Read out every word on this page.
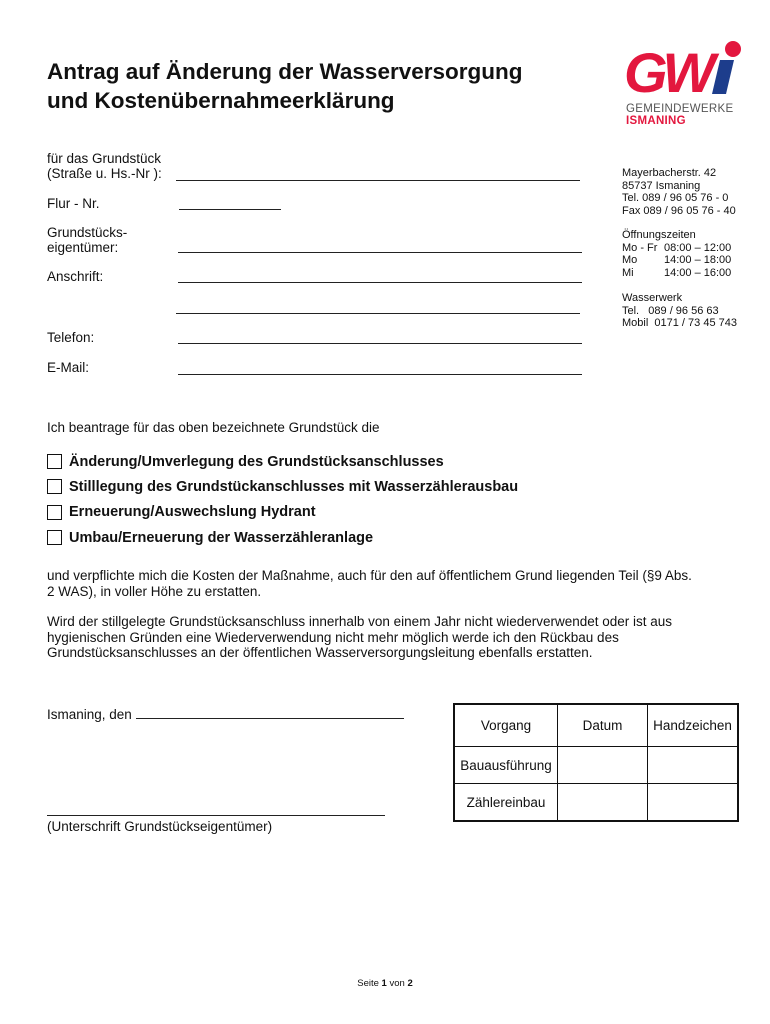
Antrag auf Änderung der Wasserversorgung
und Kostenübernahmeerklärung	GW
GEMEINDEWERKE
ISMANING
für das Grundstück
(Straße u. Hs.-Nr ):
Flur - Nr.
Grundstücks-
eigentümer:
Anschrift:
Telefon:
E-Mail:
Mayerbacherstr. 42
85737 Ismaning
Tel. 089 / 96 05 76 - 0
Fax 089 / 96 05 76 - 40
Öffnungszeiten
Mo - Fr 08:00 – 12:00
Mo 14:00 – 18:00
Mi	14:00 – 16:00
Wasserwerk
Tel.   089 / 96 56 63
Mobil  0171 / 73 45 743
Ich beantrage für das oben bezeichnete Grundstück die
Änderung/Umverlegung des Grundstücksanschlusses
Stilllegung des Grundstückanschlusses mit Wasserzählerausbau
Erneuerung/Auswechslung Hydrant
Umbau/Erneuerung der Wasserzähleranlage

und verpflichte mich die Kosten der Maßnahme, auch für den auf öffentlichem Grund liegenden Teil (§9 Abs. 2 WAS), in voller Höhe zu erstatten.

Wird der stillgelegte Grundstücksanschluss innerhalb von einem Jahr nicht wiederverwendet oder ist aus hygienischen Gründen eine Wiederverwendung nicht mehr möglich werde ich den Rückbau des Grundstücksanschlusses an der öffentlichen Wasserversorgungsleitung ebenfalls erstatten.

Ismaning, den
(Unterschrift Grundstückseigentümer)
Vorgang	Datum	Handzeichen
Bauausführung		
Zählereinbau		
Seite 1 von 2
